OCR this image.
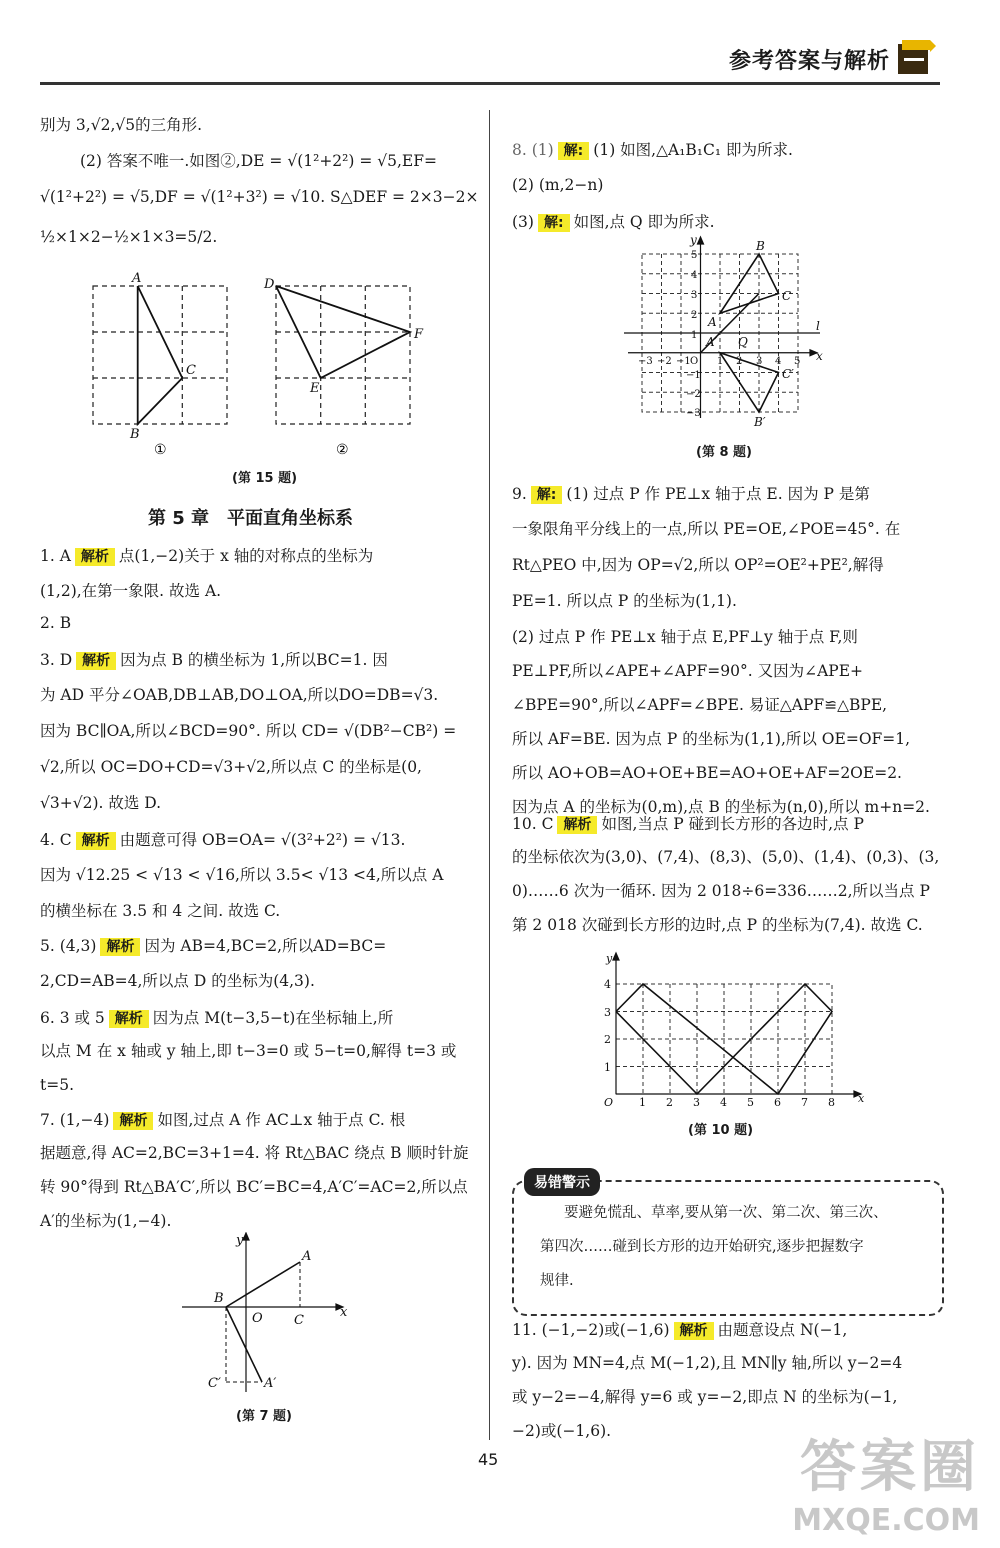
参考答案与解析

别为 3,√2,√5的三角形.

(2) 答案不唯一.如图②,DE = √(1²+2²) = √5,EF=

√(1²+2²) = √5,DF = √(1²+3²) = √10. S△DEF = 2×3−2×

½×1×2−½×1×3=5/2.

A
C
B
D
F
E
①	②
(第 15 题)
第 5 章　平面直角坐标系

1. A 解析 点(1,−2)关于 x 轴的对称点的坐标为

(1,2),在第一象限. 故选 A.

2. B

3. D 解析 因为点 B 的横坐标为 1,所以BC=1. 因

为 AD 平分∠OAB,DB⊥AB,DO⊥OA,所以DO=DB=√3.

因为 BC∥OA,所以∠BCD=90°. 所以 CD= √(DB²−CB²) =

√2,所以 OC=DO+CD=√3+√2,所以点 C 的坐标是(0,

√3+√2). 故选 D.

4. C 解析 由题意可得 OB=OA= √(3²+2²) = √13.

因为 √12.25 < √13 < √16,所以 3.5< √13 <4,所以点 A

的横坐标在 3.5 和 4 之间. 故选 C.

5. (4,3) 解析 因为 AB=4,BC=2,所以AD=BC=

2,CD=AB=4,所以点 D 的坐标为(4,3).

6. 3 或 5 解析 因为点 M(t−3,5−t)在坐标轴上,所

以点 M 在 x 轴或 y 轴上,即 t−3=0 或 5−t=0,解得 t=3 或

t=5.

7. (1,−4) 解析 如图,过点 A 作 AC⊥x 轴于点 C. 根

据题意,得 AC=2,BC=3+1=4. 将 Rt△BAC 绕点 B 顺时针旋

转 90°得到 Rt△BA′C′,所以 BC′=BC=4,A′C′=AC=2,所以点

A′的坐标为(1,−4).

y
A
B
O C
x
C′	A′
(第 7 题)

8. (1) 解: (1) 如图,△A₁B₁C₁ 即为所求.

(2) (m,2−n)

(3) 解: 如图,点 Q 即为所求.

y	B
C
A
A′ Q
l
x
C′
B′
−3 −2 −1 O 1 2 3 4 5
5
4
3
2
1
−1
−2
−3
(第 8 题)

9. 解: (1) 过点 P 作 PE⊥x 轴于点 E. 因为 P 是第

一象限角平分线上的一点,所以 PE=OE,∠POE=45°. 在

Rt△PEO 中,因为 OP=√2,所以 OP²=OE²+PE²,解得

PE=1. 所以点 P 的坐标为(1,1).

(2) 过点 P 作 PE⊥x 轴于点 E,PF⊥y 轴于点 F,则

PE⊥PF,所以∠APE+∠APF=90°. 又因为∠APE+

∠BPE=90°,所以∠APF=∠BPE. 易证△APF≌△BPE,

所以 AF=BE. 因为点 P 的坐标为(1,1),所以 OE=OF=1,

所以 AO+OB=AO+OE+BE=AO+OE+AF=2OE=2.

因为点 A 的坐标为(0,m),点 B 的坐标为(n,0),所以 m+n=2.

10. C 解析 如图,当点 P 碰到长方形的各边时,点 P

的坐标依次为(3,0)、(7,4)、(8,3)、(5,0)、(1,4)、(0,3)、(3,

0)……6 次为一循环. 因为 2 018÷6=336……2,所以当点 P

第 2 018 次碰到长方形的边时,点 P 的坐标为(7,4). 故选 C.

y
4
3
2
1
O 1 2 3 4 5 6 7 8 x
(第 10 题)
易错警示

要避免慌乱、草率,要从第一次、第二次、第三次、

第四次……碰到长方形的边开始研究,逐步把握数字

规律.

11. (−1,−2)或(−1,6) 解析 由题意设点 N(−1,

y). 因为 MN=4,点 M(−1,2),且 MN∥y 轴,所以 y−2=4

或 y−2=−4,解得 y=6 或 y=−2,即点 N 的坐标为(−1,

−2)或(−1,6).

45	答案圈
MXQE.COM
